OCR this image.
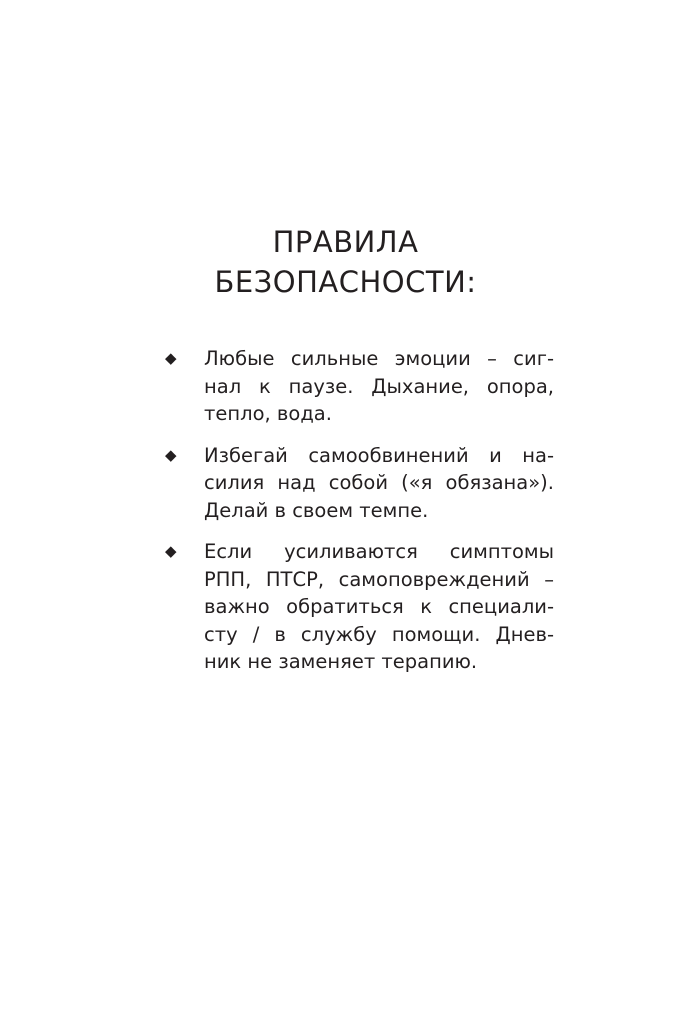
ПРАВИЛА
БЕЗОПАСНОСТИ:
◆ Любые сильные эмоции – сиг-
нал к паузе. Дыхание, опора,
тепло, вода.
◆ Избегай самообвинений и на-
силия над собой («я обязана»).
Делай в своем темпе.
◆ Если усиливаются симптомы
РПП, ПТСР, самоповреждений –
важно обратиться к специали-
сту / в службу помощи. Днев-
ник не заменяет терапию.
